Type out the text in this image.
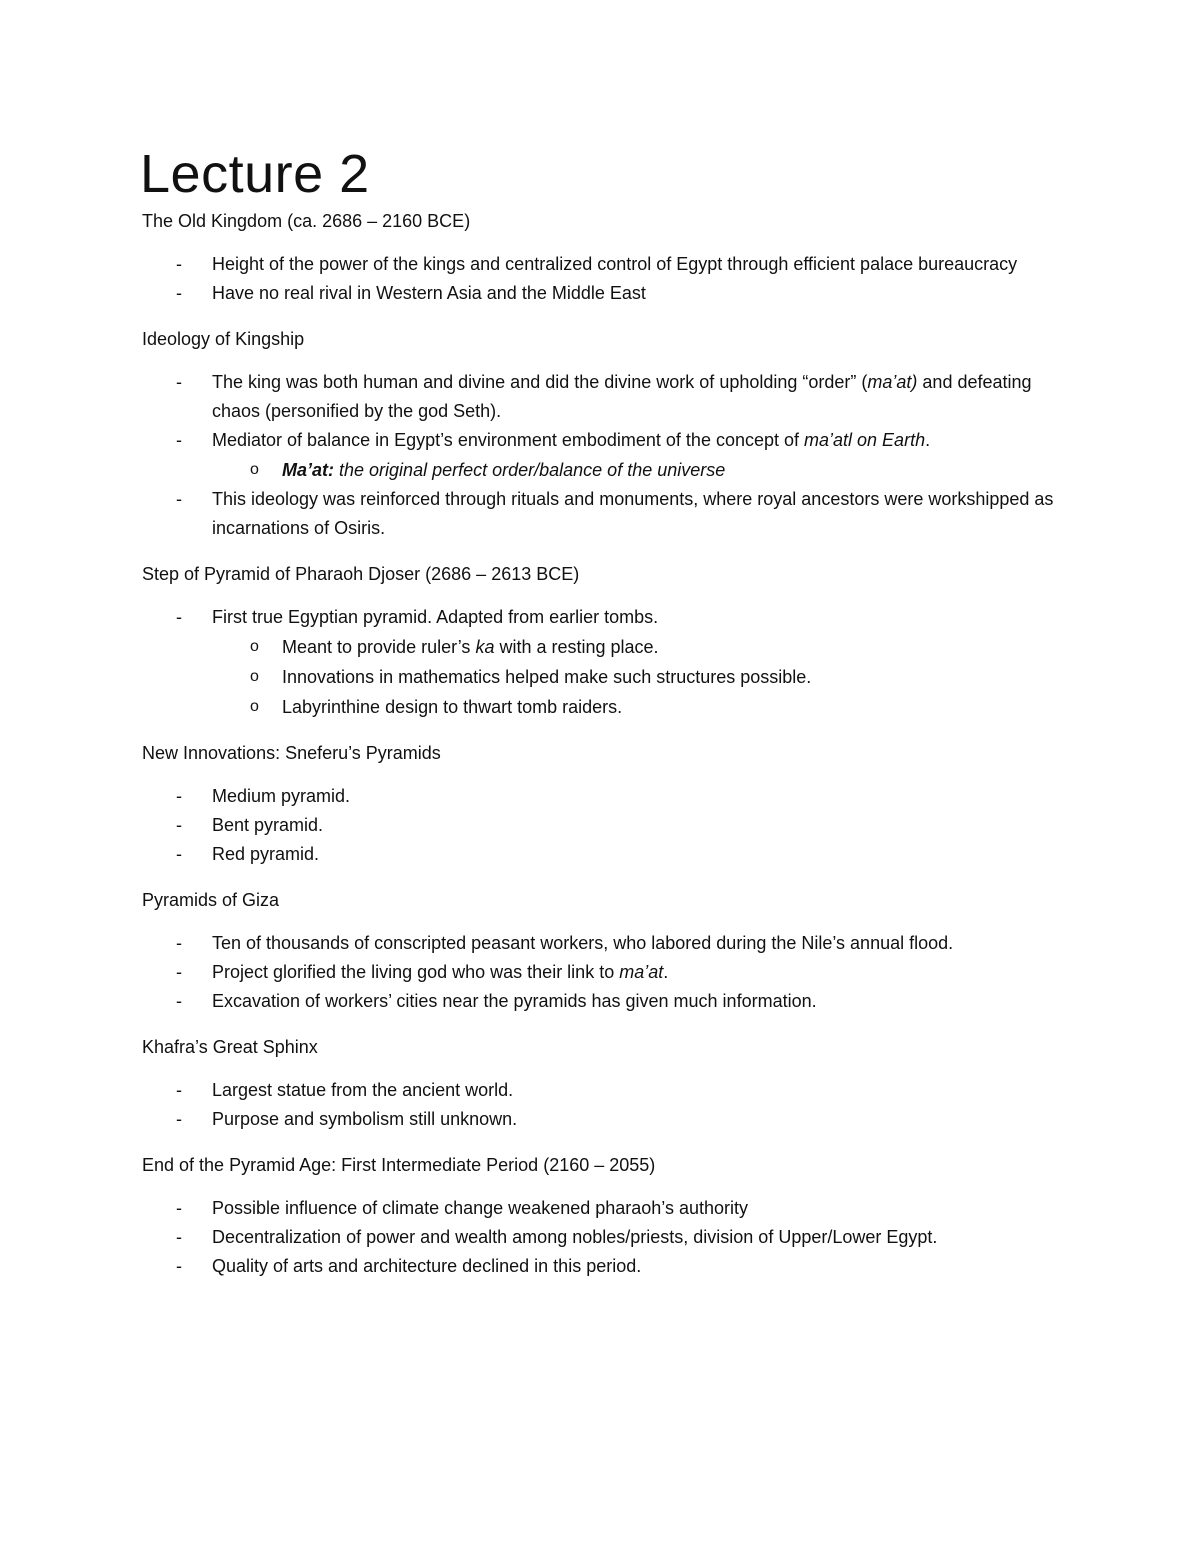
Lecture 2

The Old Kingdom (ca. 2686 – 2160 BCE)

- Height of the power of the kings and centralized control of Egypt through efficient palace bureaucracy
- Have no real rival in Western Asia and the Middle East

Ideology of Kingship

- The king was both human and divine and did the divine work of upholding “order” (ma’at) and defeating chaos (personified by the god Seth).
- Mediator of balance in Egypt’s environment embodiment of the concept of ma’atl on Earth.
o Ma’at: the original perfect order/balance of the universe
- This ideology was reinforced through rituals and monuments, where royal ancestors were workshipped as incarnations of Osiris.

Step of Pyramid of Pharaoh Djoser (2686 – 2613 BCE)

- First true Egyptian pyramid. Adapted from earlier tombs.
o Meant to provide ruler’s ka with a resting place.
o Innovations in mathematics helped make such structures possible.
o Labyrinthine design to thwart tomb raiders.

New Innovations: Sneferu’s Pyramids

- Medium pyramid.
- Bent pyramid.
- Red pyramid.

Pyramids of Giza

- Ten of thousands of conscripted peasant workers, who labored during the Nile’s annual flood.
- Project glorified the living god who was their link to ma’at.
- Excavation of workers’ cities near the pyramids has given much information.

Khafra’s Great Sphinx

- Largest statue from the ancient world.
- Purpose and symbolism still unknown.

End of the Pyramid Age: First Intermediate Period (2160 – 2055)

- Possible influence of climate change weakened pharaoh’s authority
- Decentralization of power and wealth among nobles/priests, division of Upper/Lower Egypt.
- Quality of arts and architecture declined in this period.
